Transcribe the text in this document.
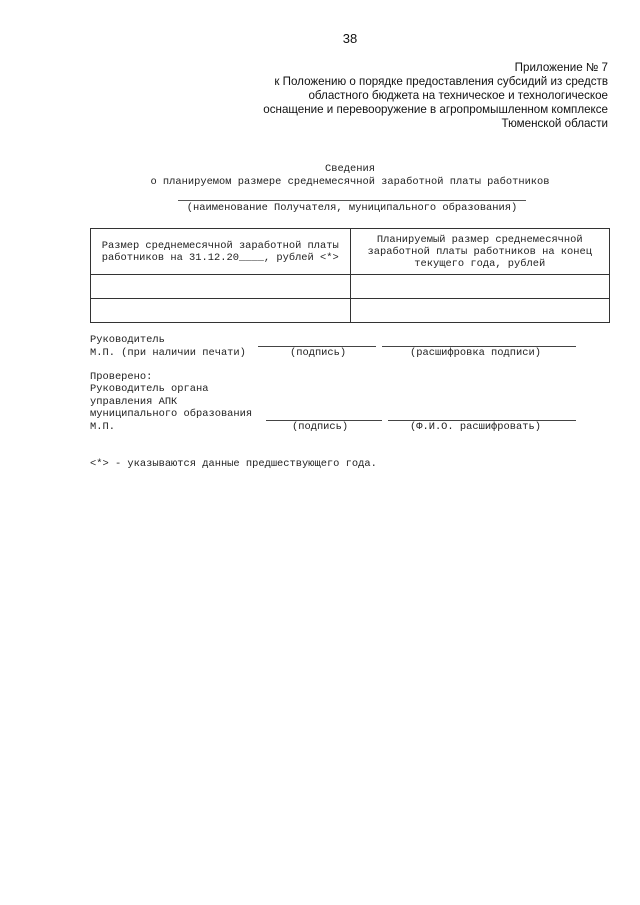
38
Приложение № 7
к Положению о порядке предоставления субсидий из средств
областного бюджета на техническое и технологическое
оснащение и перевооружение в агропромышленном комплексе
Тюменской области
Сведения
о планируемом размере среднемесячной заработной платы работников
(наименование Получателя, муниципального образования)
Размер среднемесячной заработной платы работников на 31.12.20____, рублей <*>	Планируемый размер среднемесячной заработной платы работников на конец текущего года, рублей

Руководитель
М.П. (при наличии печати)	(подпись)	(расшифровка подписи)
Проверено:
Руководитель органа
управления АПК
муниципального образования
М.П.	(подпись)	(Ф.И.О. расшифровать)
<*> - указываются данные предшествующего года.
